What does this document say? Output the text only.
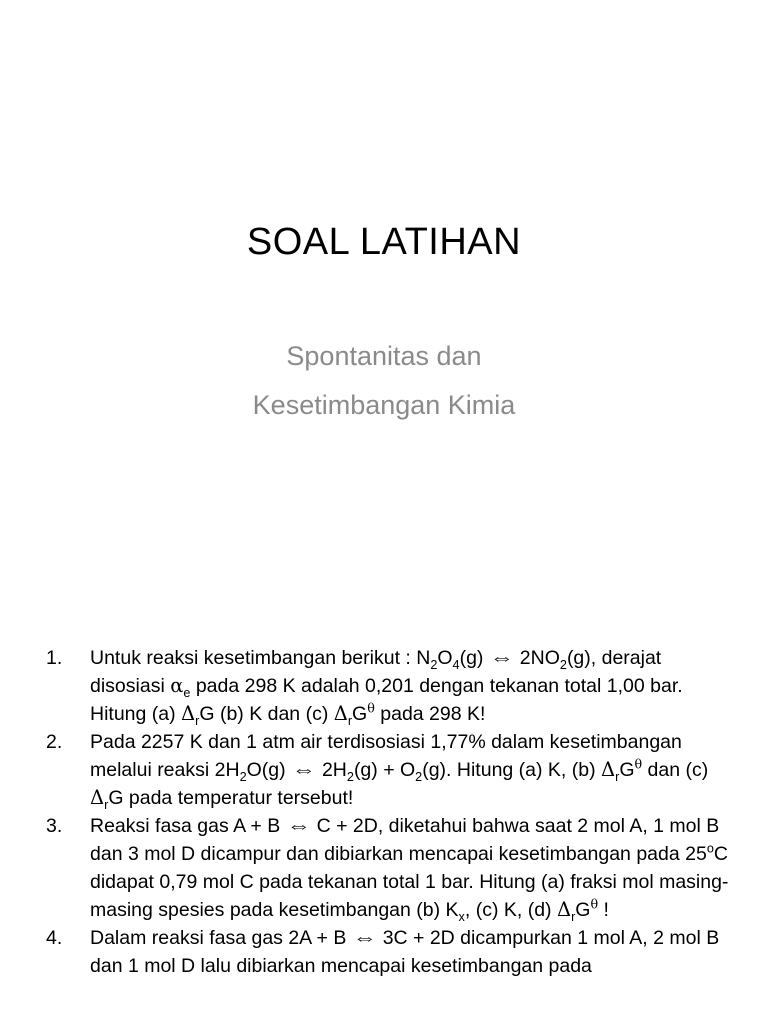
SOAL LATIHAN
Spontanitas dan
Kesetimbangan Kimia
1. Untuk reaksi kesetimbangan berikut : $N_2O_4(g)$ ⇔ $2NO_2(g)$, derajat disosiasi $\alpha_e$ pada 298 K adalah 0,201 dengan tekanan total 1,00 bar. Hitung (a) $\Delta_rG$ (b) K dan (c) $\Delta_rG^\theta$ pada 298 K!
2. Pada 2257 K dan 1 atm air terdisosiasi 1,77% dalam kesetimbangan melalui reaksi $2H_2O(g)$ ⇔ $2H_2(g) + O_2(g)$. Hitung (a) K, (b) $\Delta_rG^\theta$ dan (c) $\Delta_rG$ pada temperatur tersebut!
3. Reaksi fasa gas A + B ⇔ C + 2D, diketahui bahwa saat 2 mol A, 1 mol B dan 3 mol D dicampur dan dibiarkan mencapai kesetimbangan pada 25$^o$C didapat 0,79 mol C pada tekanan total 1 bar. Hitung (a) fraksi mol masing-masing spesies pada kesetimbangan (b) $K_x$, (c) K, (d) $\Delta_rG^\theta$ !
4. Dalam reaksi fasa gas 2A + B ⇔ 3C + 2D dicampurkan 1 mol A, 2 mol B dan 1 mol D lalu dibiarkan mencapai kesetimbangan pada
